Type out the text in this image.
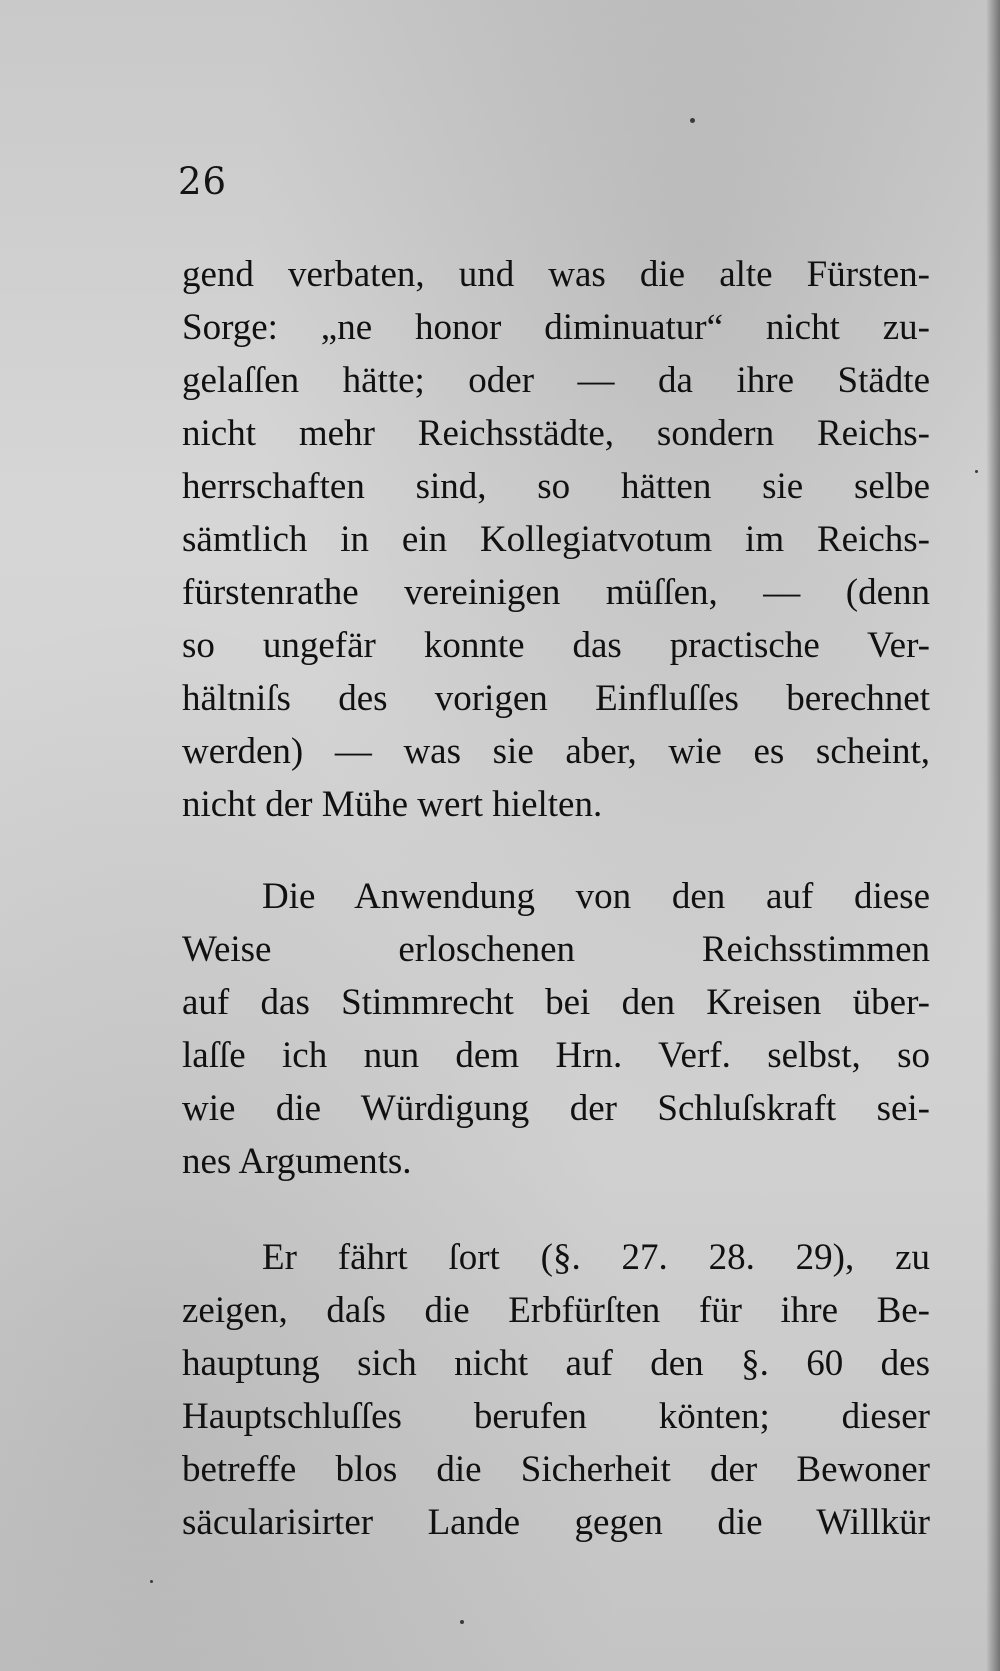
26
gend verbaten, und was die alte Fürsten-
Sorge: „ne honor diminuatur“ nicht zu-
gelaſſen hätte; oder — da ihre Städte
nicht mehr Reichsstädte, sondern Reichs-
herrschaften sind, so hätten sie selbe
sämtlich in ein Kollegiatvotum im Reichs-
fürstenrathe vereinigen müſſen, — (denn
so ungefär konnte das practische Ver-
hältniſs des vorigen Einfluſſes berechnet
werden) — was sie aber, wie es scheint,
nicht der Mühe wert hielten.
Die Anwendung von den auf diese
Weise erloschenen Reichsstimmen
auf das Stimmrecht bei den Kreisen über-
laſſe ich nun dem Hrn. Verf. selbst, so
wie die Würdigung der Schluſskraft sei-
nes Arguments.
Er fährt ſort (§. 27. 28. 29), zu
zeigen, daſs die Erbfürſten für ihre Be-
hauptung sich nicht auf den §. 60 des
Hauptschluſſes berufen könten; dieser
betreffe blos die Sicherheit der Bewoner
säcularisirter Lande gegen die Willkür
